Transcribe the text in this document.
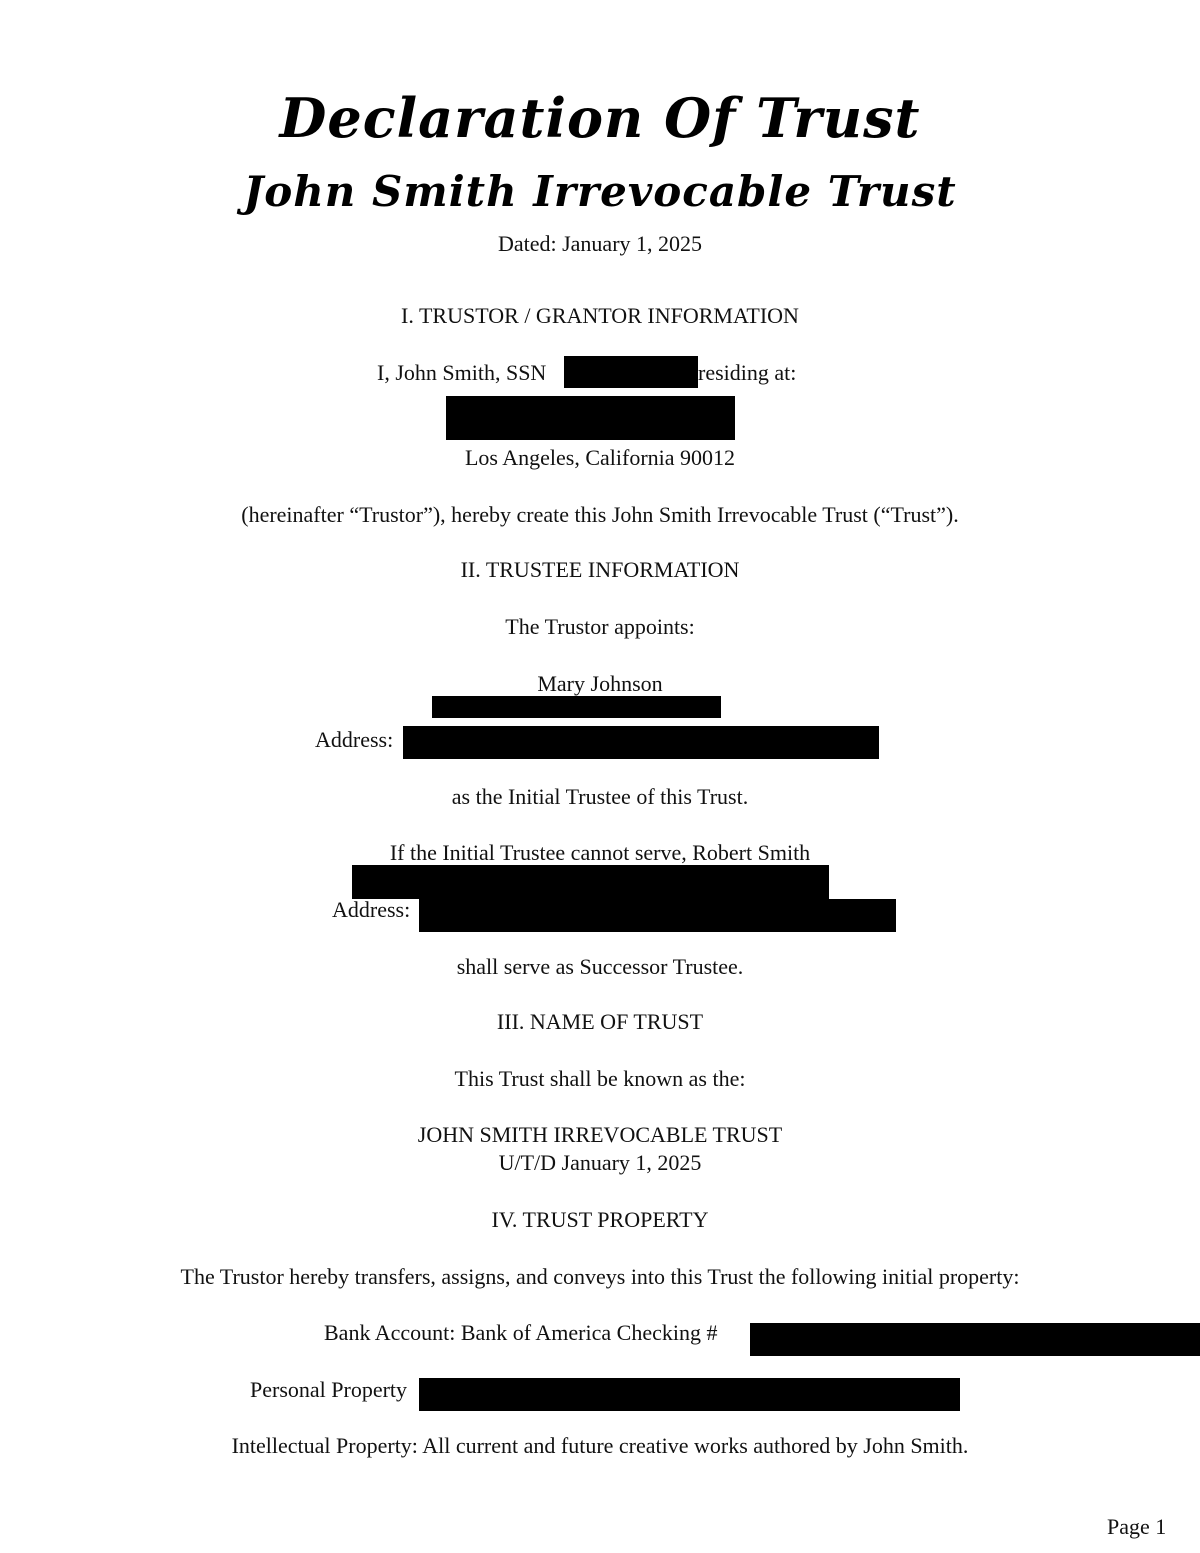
Declaration Of Trust
John Smith Irrevocable Trust
Dated: January 1, 2025
I. TRUSTOR / GRANTOR INFORMATION
I, John Smith, SSN	residing at:
Los Angeles, California 90012
(hereinafter “Trustor”), hereby create this John Smith Irrevocable Trust (“Trust”).
II. TRUSTEE INFORMATION
The Trustor appoints:
Mary Johnson
Address:
as the Initial Trustee of this Trust.
If the Initial Trustee cannot serve, Robert Smith
Address:
shall serve as Successor Trustee.
III. NAME OF TRUST
This Trust shall be known as the:
JOHN SMITH IRREVOCABLE TRUST
U/T/D January 1, 2025
IV. TRUST PROPERTY
The Trustor hereby transfers, assigns, and conveys into this Trust the following initial property:
Bank Account: Bank of America Checking #
Personal Property
Intellectual Property: All current and future creative works authored by John Smith.
Page 1
